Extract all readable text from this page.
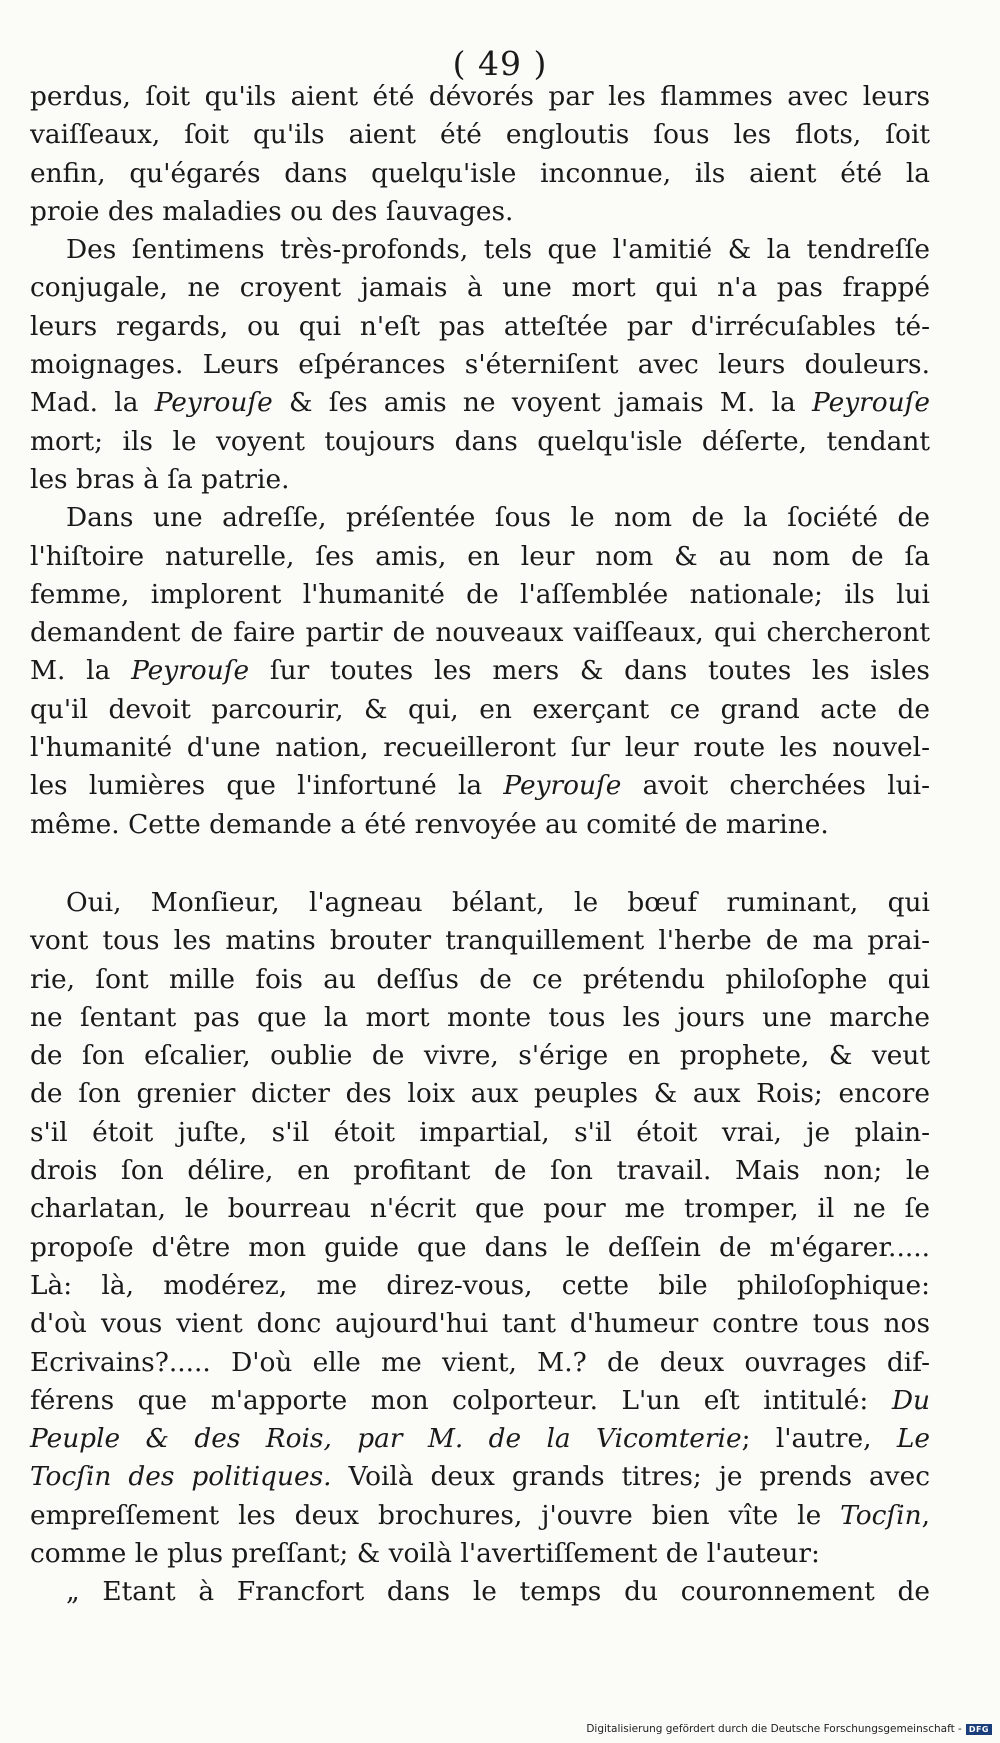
( 49 )
perdus, ſoit qu'ils aient été dévorés par les flammes avec leurs
vaiſſeaux, ſoit qu'ils aient été engloutis ſous les flots, ſoit
enfin, qu'égarés dans quelqu'isle inconnue, ils aient été la
proie des maladies ou des ſauvages.
Des ſentimens très-profonds, tels que l'amitié & la tendreſſe
conjugale, ne croyent jamais à une mort qui n'a pas frappé
leurs regards, ou qui n'eſt pas atteſtée par d'irrécuſables té-
moignages. Leurs eſpérances s'éterniſent avec leurs douleurs.
Mad. la Peyrouſe & ſes amis ne voyent jamais M. la Peyrouſe
mort; ils le voyent toujours dans quelqu'isle déſerte, tendant
les bras à ſa patrie.
Dans une adreſſe, préſentée ſous le nom de la ſociété de
l'hiſtoire naturelle, ſes amis, en leur nom & au nom de ſa
femme, implorent l'humanité de l'aſſemblée nationale; ils lui
demandent de faire partir de nouveaux vaiſſeaux, qui chercheront
M. la Peyrouſe ſur toutes les mers & dans toutes les isles
qu'il devoit parcourir, & qui, en exerçant ce grand acte de
l'humanité d'une nation, recueilleront ſur leur route les nouvel-
les lumières que l'infortuné la Peyrouſe avoit cherchées lui-
même. Cette demande a été renvoyée au comité de marine.
Oui, Monſieur, l'agneau bélant, le bœuf ruminant, qui
vont tous les matins brouter tranquillement l'herbe de ma prai-
rie, ſont mille fois au deſſus de ce prétendu philoſophe qui
ne ſentant pas que la mort monte tous les jours une marche
de ſon eſcalier, oublie de vivre, s'érige en prophete, & veut
de ſon grenier dicter des loix aux peuples & aux Rois; encore
s'il étoit juſte, s'il étoit impartial, s'il étoit vrai, je plain-
drois ſon délire, en profitant de ſon travail. Mais non; le
charlatan, le bourreau n'écrit que pour me tromper, il ne ſe
propoſe d'être mon guide que dans le deſſein de m'égarer.....
Là: là, modérez, me direz-vous, cette bile philoſophique:
d'où vous vient donc aujourd'hui tant d'humeur contre tous nos
Ecrivains?..... D'où elle me vient, M.? de deux ouvrages dif-
férens que m'apporte mon colporteur. L'un eſt intitulé: Du
Peuple & des Rois, par M. de la Vicomterie; l'autre, Le
Tocſin des politiques. Voilà deux grands titres; je prends avec
empreſſement les deux brochures, j'ouvre bien vîte le Tocſin,
comme le plus preſſant; & voilà l'avertiſſement de l'auteur:
„ Etant à Francfort dans le temps du couronnement de
Digitalisierung gefördert durch die Deutsche Forschungsgemeinschaft - DFG
